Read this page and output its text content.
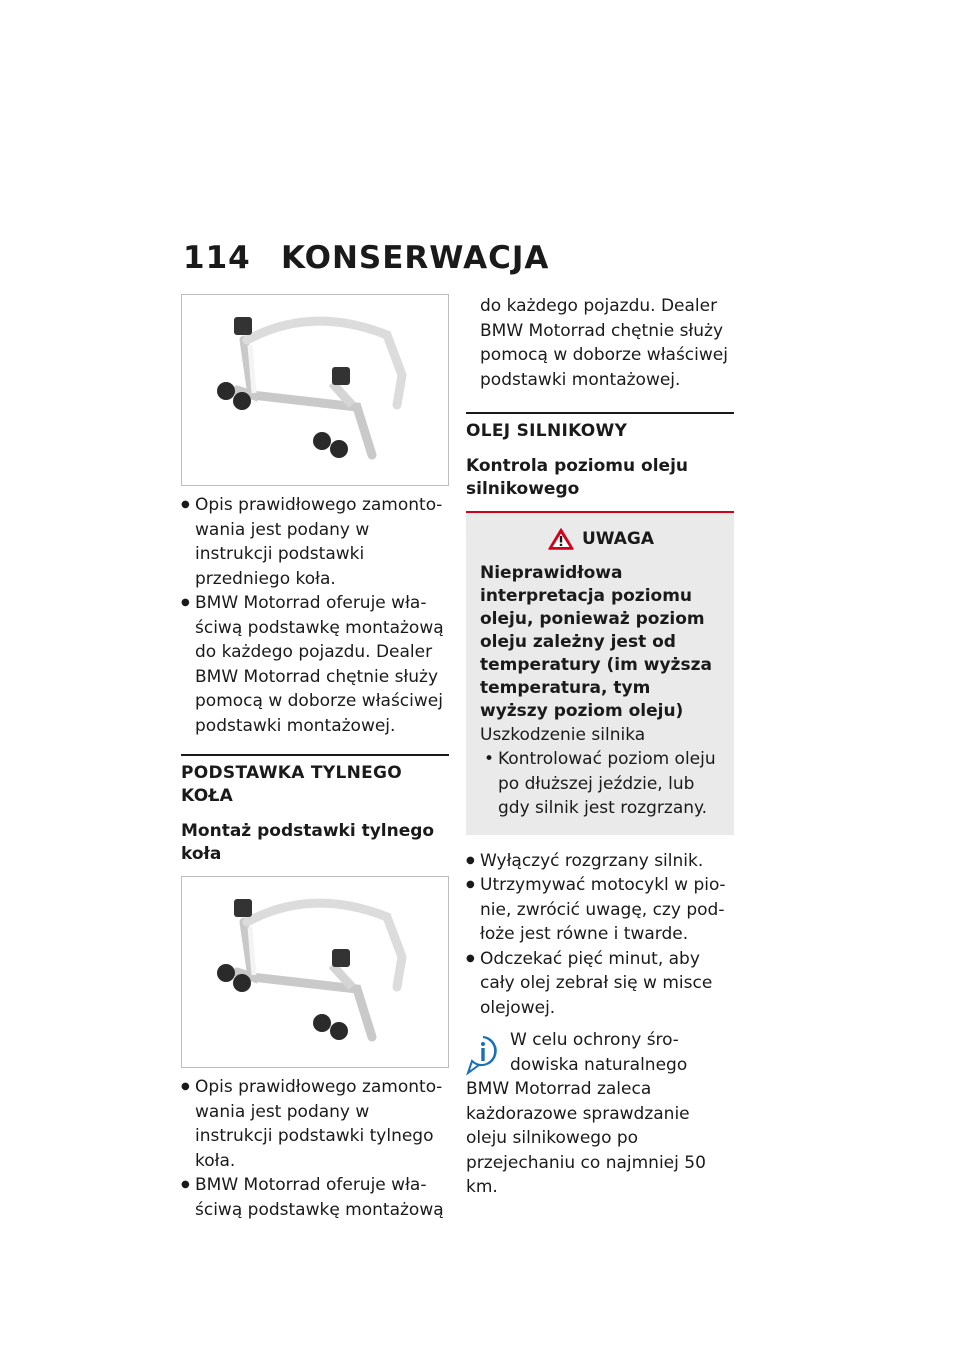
114 KONSERWACJA
● Opis prawidłowego zamontowania jest podany w instrukcji podstawki przedniego koła.
● BMW Motorrad oferuje właściwą podstawkę montażową do każdego pojazdu. Dealer BMW Motorrad chętnie służy pomocą w doborze właściwej podstawki montażowej.
PODSTAWKA TYLNEGO KOŁA
Montaż podstawki tylnego koła
● Opis prawidłowego zamontowania jest podany w instrukcji podstawki tylnego koła.
● BMW Motorrad oferuje właściwą podstawkę montażową
do każdego pojazdu. Dealer BMW Motorrad chętnie służy pomocą w doborze właściwej podstawki montażowej.
OLEJ SILNIKOWY
Kontrola poziomu oleju silnikowego
UWAGA
Nieprawidłowa interpretacja poziomu oleju, ponieważ poziom oleju zależny jest od temperatury (im wyższa temperatura, tym wyższy poziom oleju)
Uszkodzenie silnika
• Kontrolować poziom oleju po dłuższej jeździe, lub gdy silnik jest rozgrzany.
● Wyłączyć rozgrzany silnik.
● Utrzymywać motocykl w pionie, zwrócić uwagę, czy podłoże jest równe i twarde.
● Odczekać pięć minut, aby cały olej zebrał się w misce olejowej.
W celu ochrony środowiska naturalnego
BMW Motorrad zaleca każdorazowe sprawdzanie oleju silnikowego po przejechaniu co najmniej 50 km.
